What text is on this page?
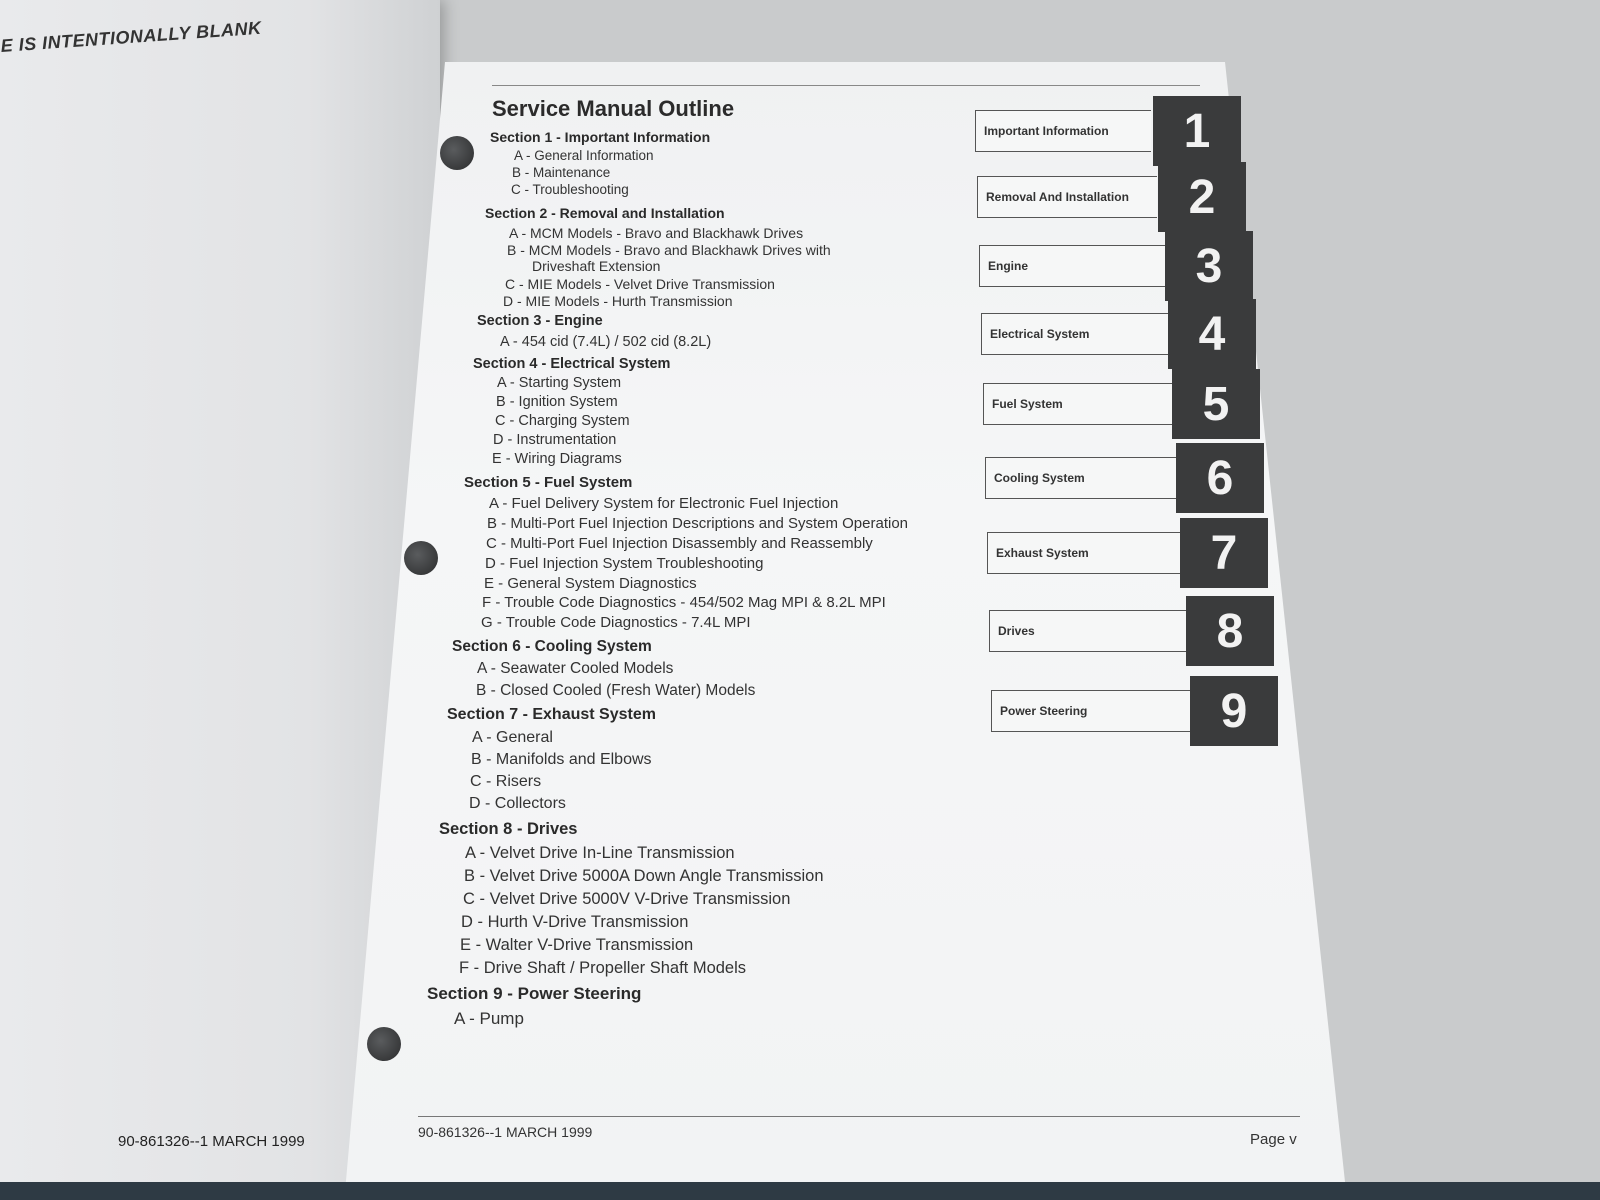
E IS INTENTIONALLY BLANK
90-861326--1 MARCH 1999
Service Manual Outline
Section 1 - Important Information
A - General Information
B - Maintenance
C - Troubleshooting
Section 2 - Removal and Installation
A - MCM Models - Bravo and Blackhawk Drives
B - MCM Models - Bravo and Blackhawk Drives with
Driveshaft Extension
C - MIE Models - Velvet Drive Transmission
D - MIE Models - Hurth Transmission
Section 3 - Engine
A - 454 cid (7.4L) / 502 cid (8.2L)
Section 4 - Electrical System
A - Starting System
B - Ignition System
C - Charging System
D - Instrumentation
E - Wiring Diagrams
Section 5 - Fuel System
A - Fuel Delivery System for Electronic Fuel Injection
B - Multi-Port Fuel Injection Descriptions and System Operation
C - Multi-Port Fuel Injection Disassembly and Reassembly
D - Fuel Injection System Troubleshooting
E - General System Diagnostics
F - Trouble Code Diagnostics - 454/502 Mag MPI & 8.2L MPI
G - Trouble Code Diagnostics - 7.4L MPI
Section 6 - Cooling System
A - Seawater Cooled Models
B - Closed Cooled (Fresh Water) Models
Section 7 - Exhaust System
A - General
B - Manifolds and Elbows
C - Risers
D - Collectors
Section 8 - Drives
A - Velvet Drive In-Line Transmission
B - Velvet Drive 5000A Down Angle Transmission
C - Velvet Drive 5000V V-Drive Transmission
D - Hurth V-Drive Transmission
E - Walter V-Drive Transmission
F - Drive Shaft / Propeller Shaft Models
Section 9 - Power Steering
A - Pump
Important Information	1
Removal And Installation	2
Engine	3
Electrical System	4
Fuel System	5
Cooling System	6
Exhaust System	7
Drives	8
Power Steering	9
90-861326--1 MARCH 1999	Page v
